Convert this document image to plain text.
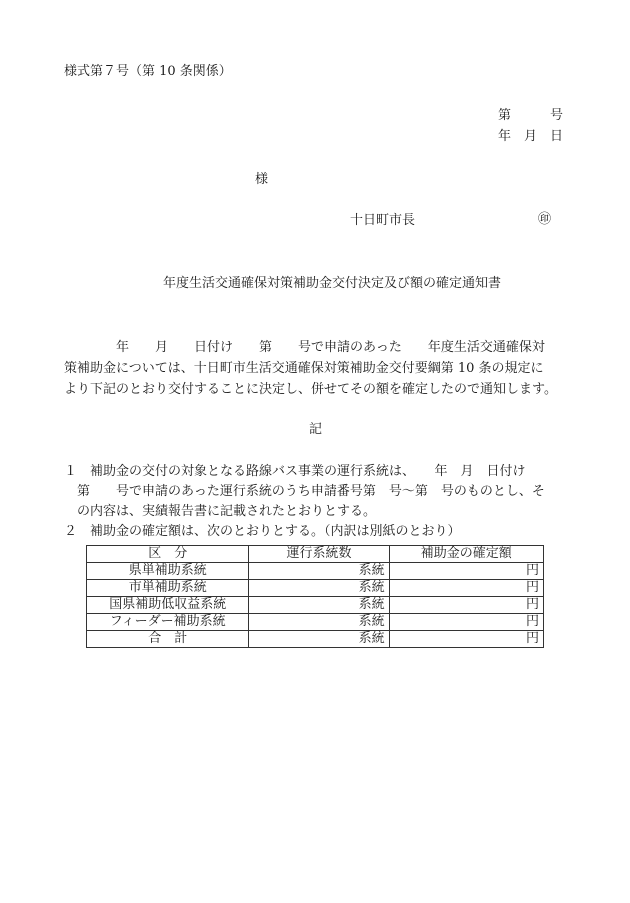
様式第７号（第 10 条関係）
第　　　号
年　月　日
様
十日町市長	㊞
年度生活交通確保対策補助金交付決定及び額の確定通知書
　　　　年　　月　　日付け　　第　　号で申請のあった　　年度生活交通確保対
策補助金については、十日町市生活交通確保対策補助金交付要綱第 10 条の規定に
より下記のとおり交付することに決定し、併せてその額を確定したので通知します。
記
１　補助金の交付の対象となる路線バス事業の運行系統は、　　年　月　日付け
　第　　号で申請のあった運行系統のうち申請番号第　号～第　号のものとし、そ
　の内容は、実績報告書に記載されたとおりとする。
２　補助金の確定額は、次のとおりとする。（内訳は別紙のとおり）
区　分	運行系統数	補助金の確定額
県単補助系統	系統	円
市単補助系統	系統	円
国県補助低収益系統	系統	円
フィーダー補助系統	系統	円
合　計	系統	円
